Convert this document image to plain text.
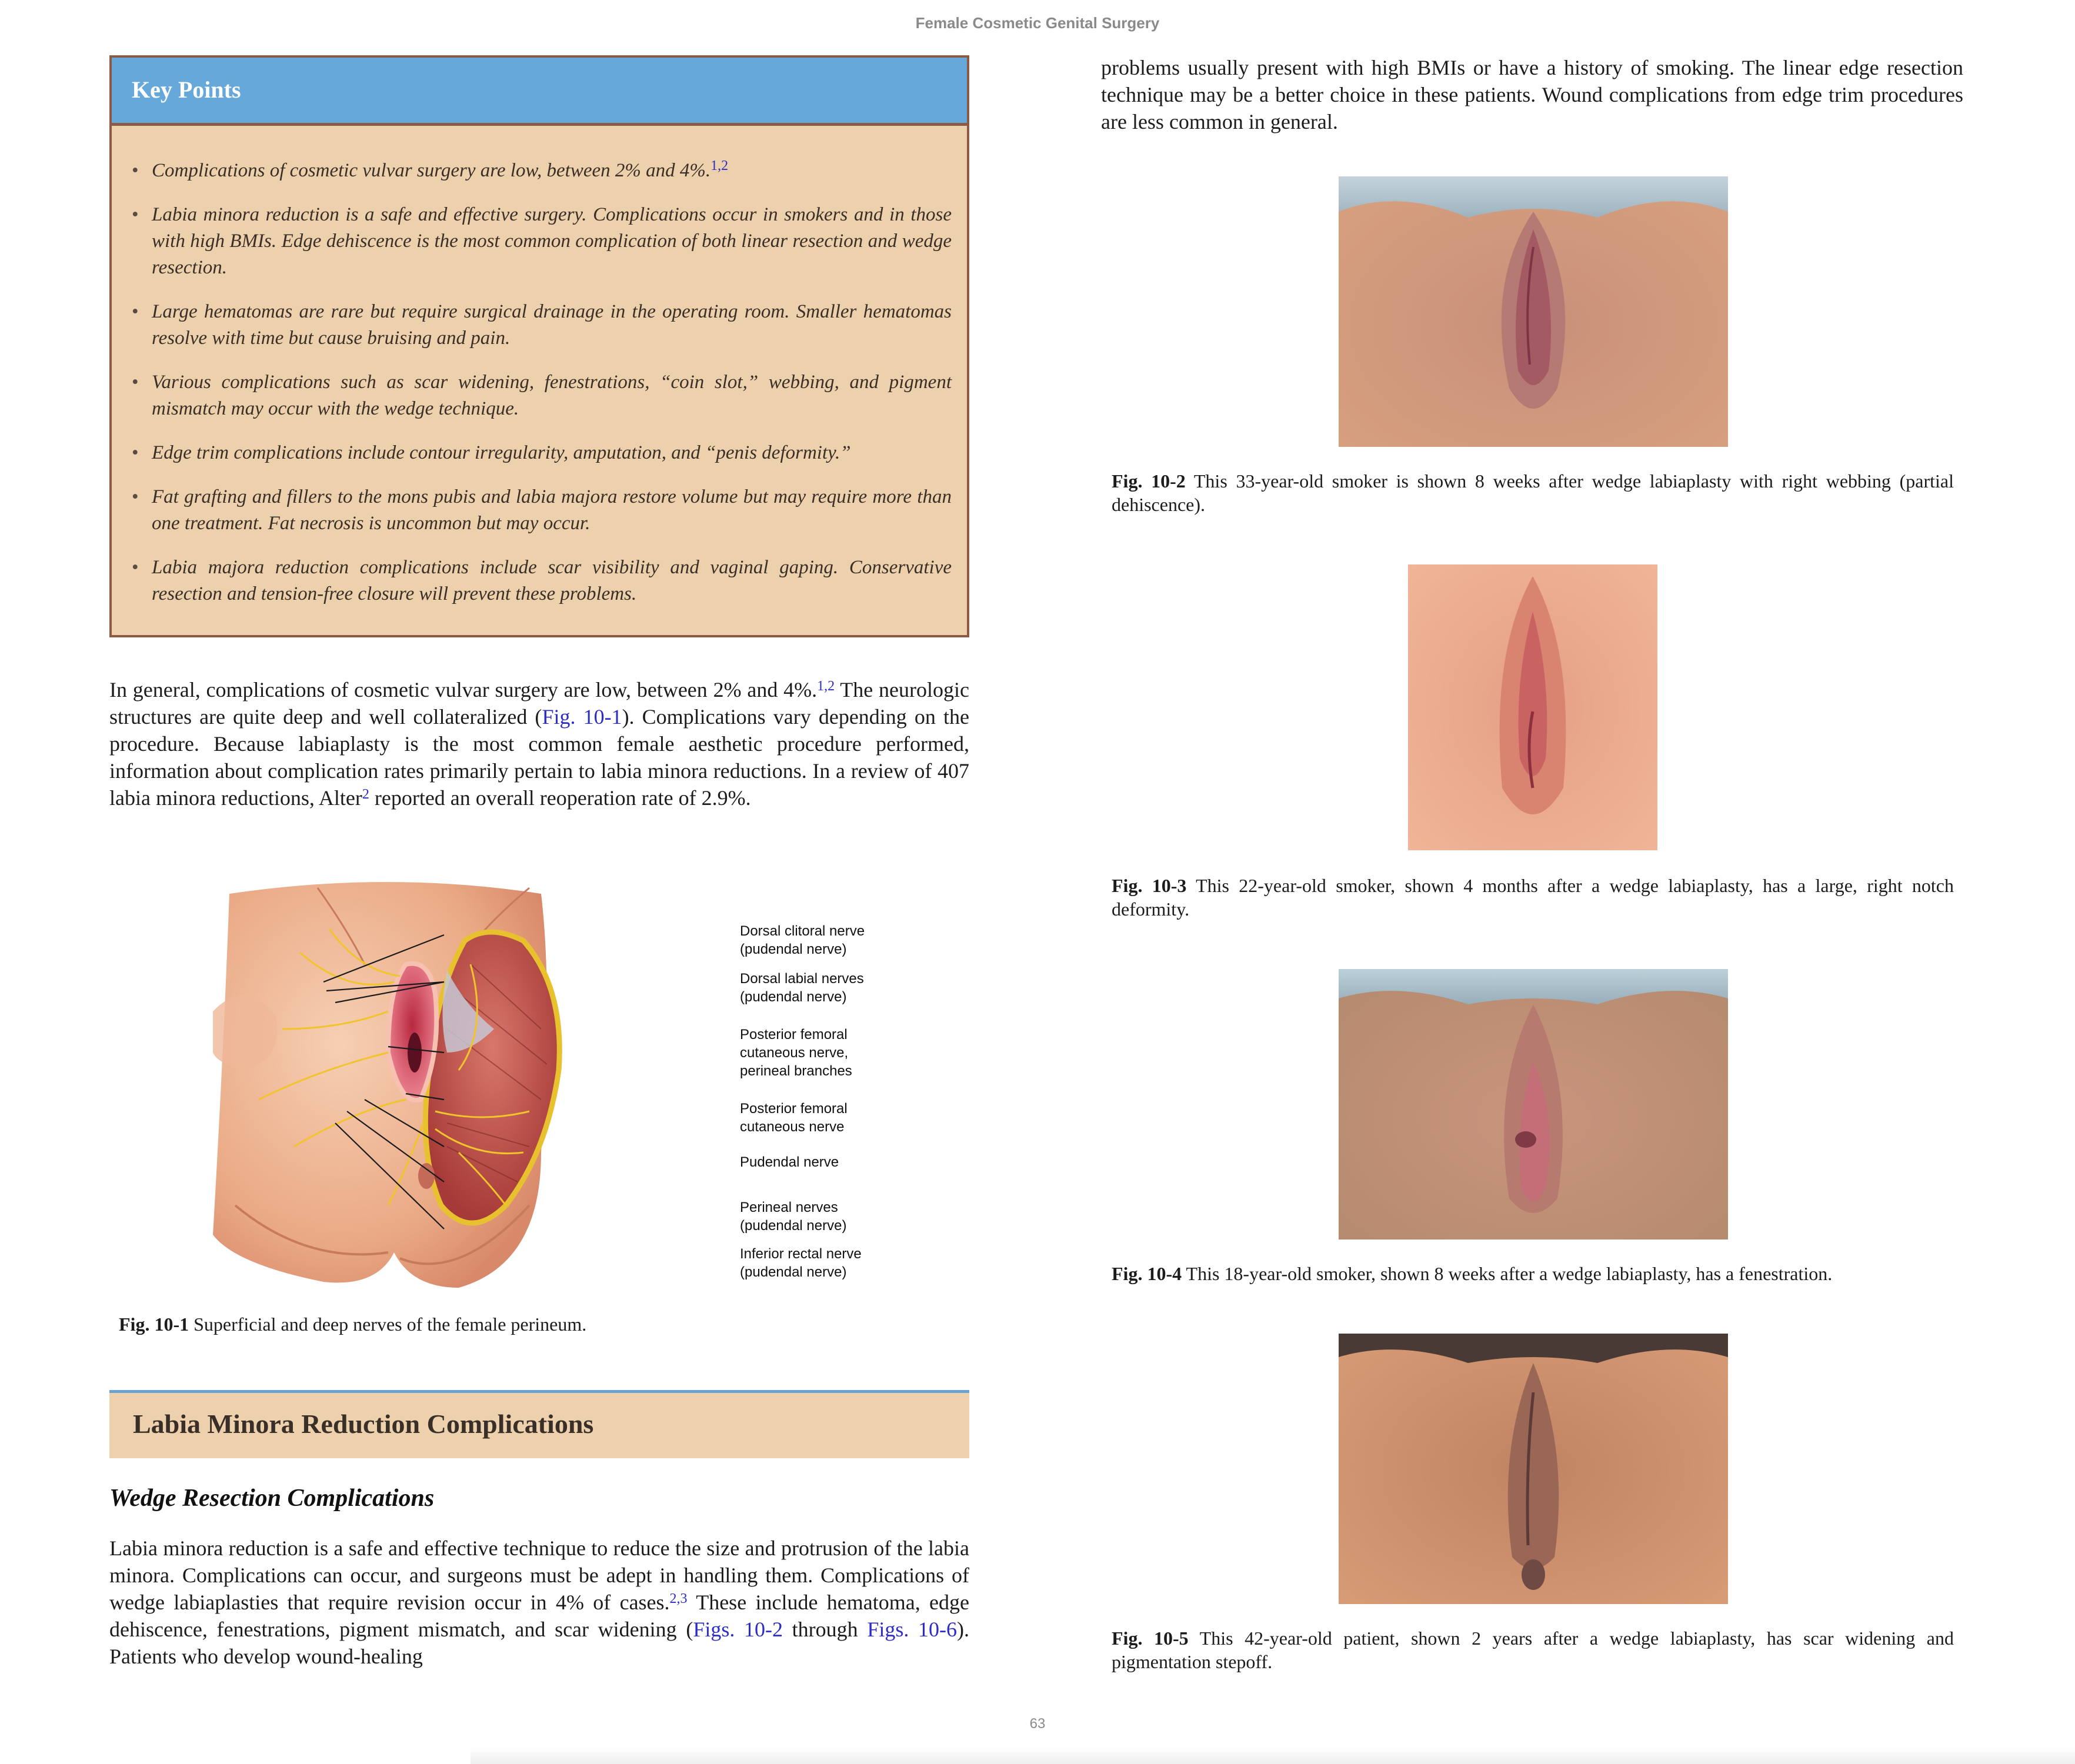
Female Cosmetic Genital Surgery
Key Points
• Complications of cosmetic vulvar surgery are low, between 2% and 4%.$^{1,2}$
• Labia minora reduction is a safe and effective surgery. Complications occur in smokers and in those with high BMIs. Edge dehiscence is the most common complication of both linear resection and wedge resection.
• Large hematomas are rare but require surgical drainage in the operating room. Smaller hematomas resolve with time but cause bruising and pain.
• Various complications such as scar widening, fenestrations, “coin slot,” webbing, and pigment mismatch may occur with the wedge technique.
• Edge trim complications include contour irregularity, amputation, and “penis deformity.”
• Fat grafting and fillers to the mons pubis and labia majora restore volume but may require more than one treatment. Fat necrosis is uncommon but may occur.
• Labia majora reduction complications include scar visibility and vaginal gaping. Conservative resection and tension-free closure will prevent these problems.
In general, complications of cosmetic vulvar surgery are low, between 2% and 4%.$^{1,2}$ The neurologic structures are quite deep and well collateralized (Fig. 10-1). Complications vary depending on the procedure. Because labiaplasty is the most common female aesthetic procedure performed, information about complication rates primarily pertain to labia minora reductions. In a review of 407 labia minora reductions, Alter$^2$ reported an overall reoperation rate of 2.9%.
Dorsal clitoral nerve
(pudendal nerve)
Dorsal labial nerves
(pudendal nerve)
Posterior femoral
cutaneous nerve,
perineal branches
Posterior femoral
cutaneous nerve
Pudendal nerve
Perineal nerves
(pudendal nerve)
Inferior rectal nerve
(pudendal nerve)
Fig. 10-1 Superficial and deep nerves of the female perineum.
Labia Minora Reduction Complications
Wedge Resection Complications
Labia minora reduction is a safe and effective technique to reduce the size and protrusion of the labia minora. Complications can occur, and surgeons must be adept in handling them. Complications of wedge labiaplasties that require revision occur in 4% of cases.$^{2,3}$ These include hematoma, edge dehiscence, fenestrations, pigment mismatch, and scar widening (Figs. 10-2 through Figs. 10-6). Patients who develop wound-healing
problems usually present with high BMIs or have a history of smoking. The linear edge resection technique may be a better choice in these patients. Wound complications from edge trim procedures are less common in general.
Fig. 10-2 This 33-year-old smoker is shown 8 weeks after wedge labiaplasty with right webbing (partial dehiscence).
Fig. 10-3 This 22-year-old smoker, shown 4 months after a wedge labiaplasty, has a large, right notch deformity.
Fig. 10-4 This 18-year-old smoker, shown 8 weeks after a wedge labiaplasty, has a fenestration.
Fig. 10-5 This 42-year-old patient, shown 2 years after a wedge labiaplasty, has scar widening and pigmentation stepoff.
63
